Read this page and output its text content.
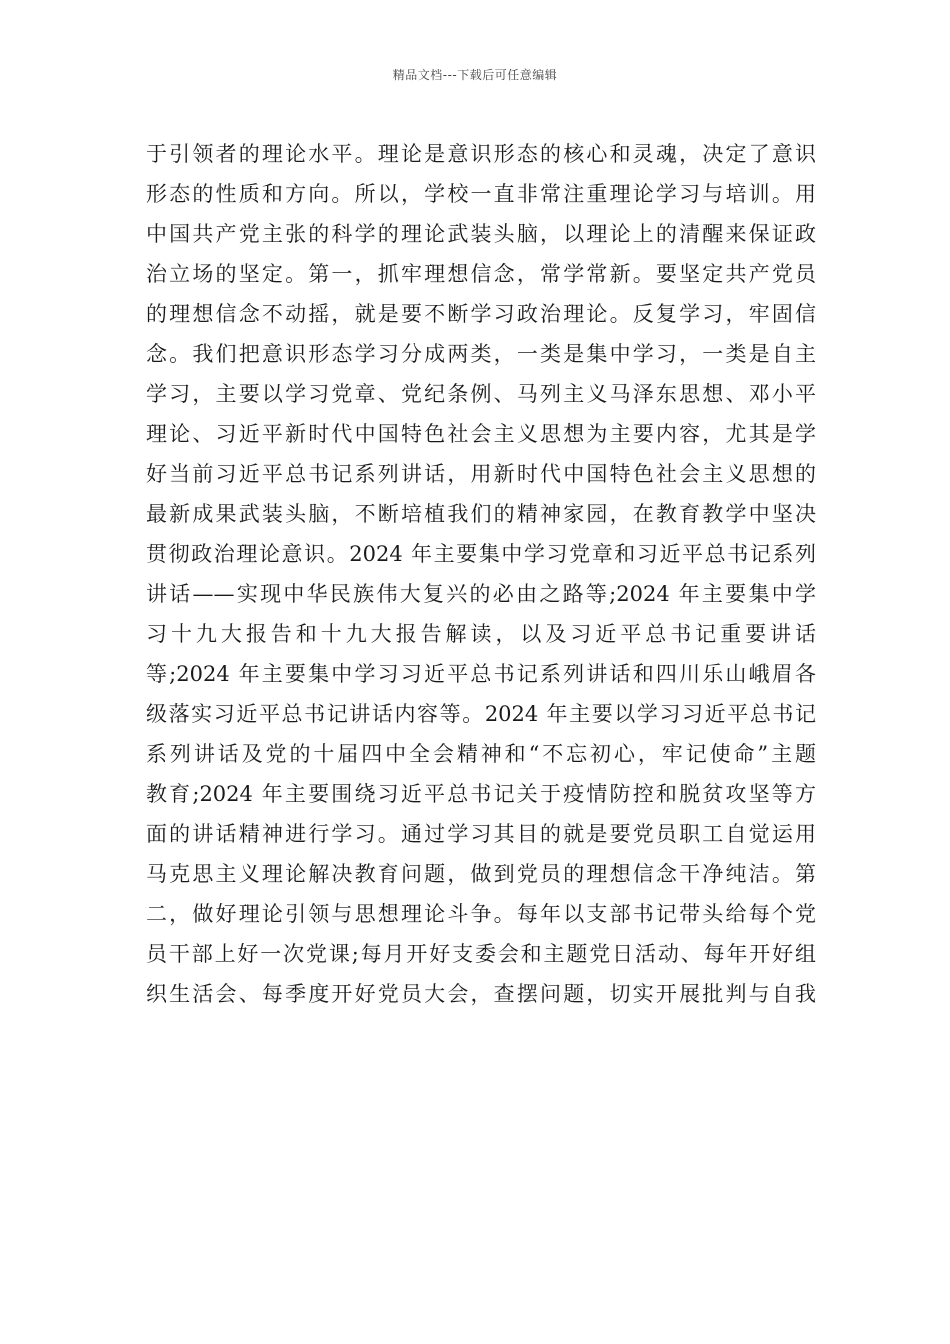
精品文档---下载后可任意编辑
于引领者的理论水平。理论是意识形态的核心和灵魂，决定了意识
形态的性质和方向。所以，学校一直非常注重理论学习与培训。用
中国共产党主张的科学的理论武装头脑，以理论上的清醒来保证政
治立场的坚定。第一，抓牢理想信念，常学常新。要坚定共产党员
的理想信念不动摇，就是要不断学习政治理论。反复学习，牢固信
念。我们把意识形态学习分成两类，一类是集中学习，一类是自主
学习，主要以学习党章、党纪条例、马列主义马泽东思想、邓小平
理论、习近平新时代中国特色社会主义思想为主要内容，尤其是学
好当前习近平总书记系列讲话，用新时代中国特色社会主义思想的
最新成果武装头脑，不断培植我们的精神家园，在教育教学中坚决
贯彻政治理论意识。2024 年主要集中学习党章和习近平总书记系列
讲话——实现中华民族伟大复兴的必由之路等;2024 年主要集中学
习十九大报告和十九大报告解读，以及习近平总书记重要讲话
等;2024 年主要集中学习习近平总书记系列讲话和四川乐山峨眉各
级落实习近平总书记讲话内容等。2024 年主要以学习习近平总书记
系列讲话及党的十届四中全会精神和“不忘初心，牢记使命”主题
教育;2024 年主要围绕习近平总书记关于疫情防控和脱贫攻坚等方
面的讲话精神进行学习。通过学习其目的就是要党员职工自觉运用
马克思主义理论解决教育问题，做到党员的理想信念干净纯洁。第
二，做好理论引领与思想理论斗争。每年以支部书记带头给每个党
员干部上好一次党课;每月开好支委会和主题党日活动、每年开好组
织生活会、每季度开好党员大会，查摆问题，切实开展批判与自我
